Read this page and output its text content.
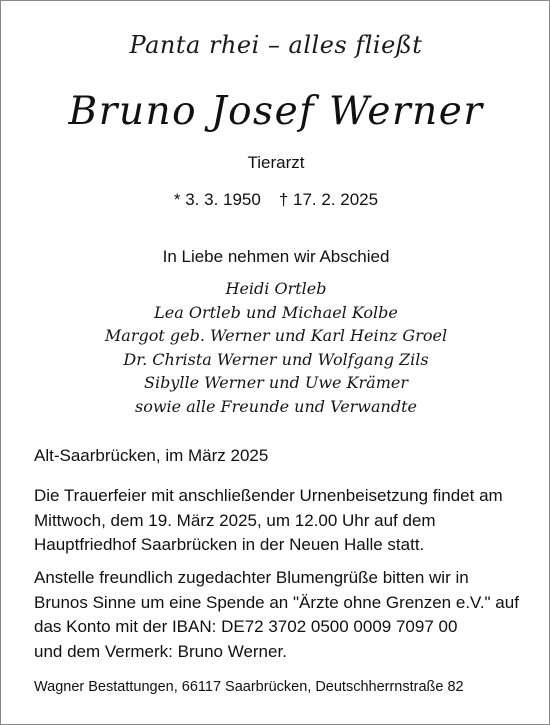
Panta rhei – alles fließt
Bruno Josef Werner
Tierarzt
* 3. 3. 1950 † 17. 2. 2025
In Liebe nehmen wir Abschied
Heidi Ortleb
Lea Ortleb und Michael Kolbe
Margot geb. Werner und Karl Heinz Groel
Dr. Christa Werner und Wolfgang Zils
Sibylle Werner und Uwe Krämer
sowie alle Freunde und Verwandte
Alt-Saarbrücken, im März 2025
Die Trauerfeier mit anschließender Urnenbeisetzung findet am
Mittwoch, dem 19. März 2025, um 12.00 Uhr auf dem
Hauptfriedhof Saarbrücken in der Neuen Halle statt.
Anstelle freundlich zugedachter Blumengrüße bitten wir in
Brunos Sinne um eine Spende an "Ärzte ohne Grenzen e.V." auf
das Konto mit der IBAN: DE72 3702 0500 0009 7097 00
und dem Vermerk: Bruno Werner.
Wagner Bestattungen, 66117 Saarbrücken, Deutschherrnstraße 82
